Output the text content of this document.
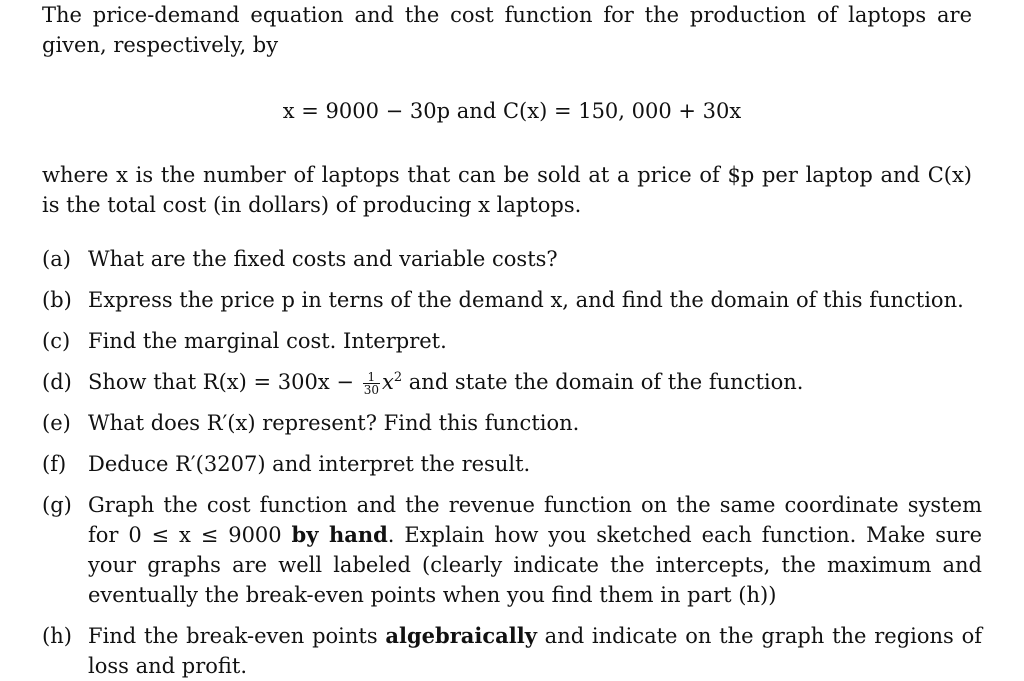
The price-demand equation and the cost function for the production of laptops are given, respectively, by

x = 9000 − 30p and C(x) = 150, 000 + 30x

where x is the number of laptops that can be sold at a price of $p per laptop and C(x) is the total cost (in dollars) of producing x laptops.

(a) What are the fixed costs and variable costs?
(b) Express the price p in terns of the demand x, and find the domain of this function.
(c) Find the marginal cost. Interpret.
(d) Show that $R(x) = 300x - \frac{1}{30} x^2$ and state the domain of the function.
(e) What does R′(x) represent? Find this function.
(f)	Deduce R′(3207) and interpret the result.
(g) Graph the cost function and the revenue function on the same coordinate system for 0 ≤ x ≤ 9000 by hand. Explain how you sketched each function. Make sure your graphs are well labeled (clearly indicate the intercepts, the maximum and eventually the break-even points when you find them in part (h))
(h) Find the break-even points algebraically and indicate on the graph the regions of loss and profit.
